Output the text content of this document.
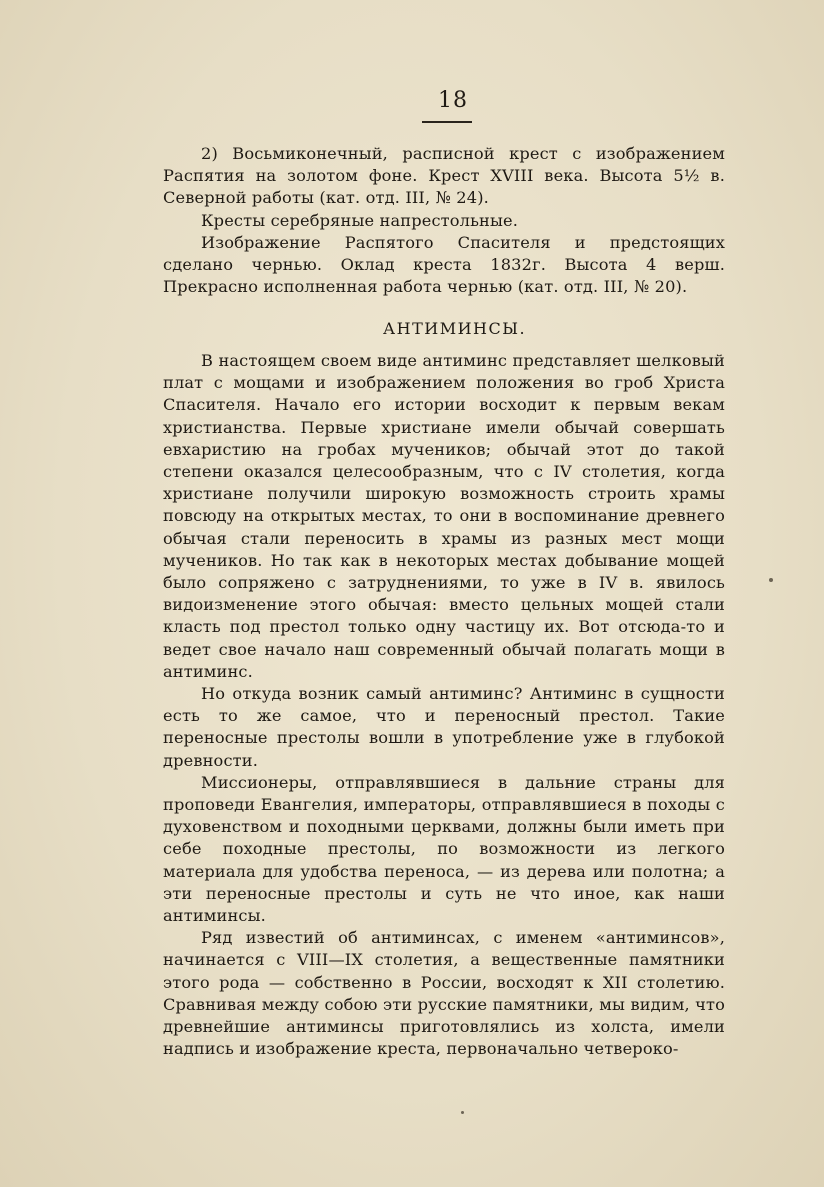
18

2) Восьмиконечный, расписной крест с изображением Распятия на золотом фоне. Крест XVIII века. Высота 5½ в. Северной работы (кат. отд. III, № 24).

Кресты серебряные напрестольные.

Изображение Распятого Спасителя и предстоящих сделано чернью. Оклад креста 1832г. Высота 4 верш. Прекрасно исполненная работа чернью (кат. отд. III, № 20).

АНТИМИНСЫ.

В настоящем своем виде антиминс представляет шелковый плат с мощами и изображением положения во гроб Христа Спасителя. Начало его истории восходит к первым векам христианства. Первые христиане имели обычай совершать евхаристию на гробах мучеников; обычай этот до такой степени оказался целесообразным, что с IV столетия, когда христиане получили широкую возможность строить храмы повсюду на открытых местах, то они в воспоминание древнего обычая стали переносить в храмы из разных мест мощи мучеников. Но так как в некоторых местах добывание мощей было сопряжено с затруднениями, то уже в IV в. явилось видоизменение этого обычая: вместо цельных мощей стали класть под престол только одну частицу их. Вот отсюда-то и ведет свое начало наш современный обычай полагать мощи в антиминс.

Но откуда возник самый антиминс? Антиминс в сущности есть то же самое, что и переносный престол. Такие переносные престолы вошли в употребление уже в глубокой древности.

Миссионеры, отправлявшиеся в дальние страны для проповеди Евангелия, императоры, отправлявшиеся в походы с духовенством и походными церквами, должны были иметь при себе походные престолы, по возможности из легкого материала для удобства переноса, — из дерева или полотна; а эти переносные престолы и суть не что иное, как наши антиминсы.

Ряд известий об антиминсах, с именем «антиминсов», начинается с VIII—IX столетия, а вещественные памятники этого рода — собственно в России, восходят к XII столетию. Сравнивая между собою эти русские памятники, мы видим, что древнейшие антиминсы приготовлялись из холста, имели надпись и изображение креста, первоначально четвероко-
